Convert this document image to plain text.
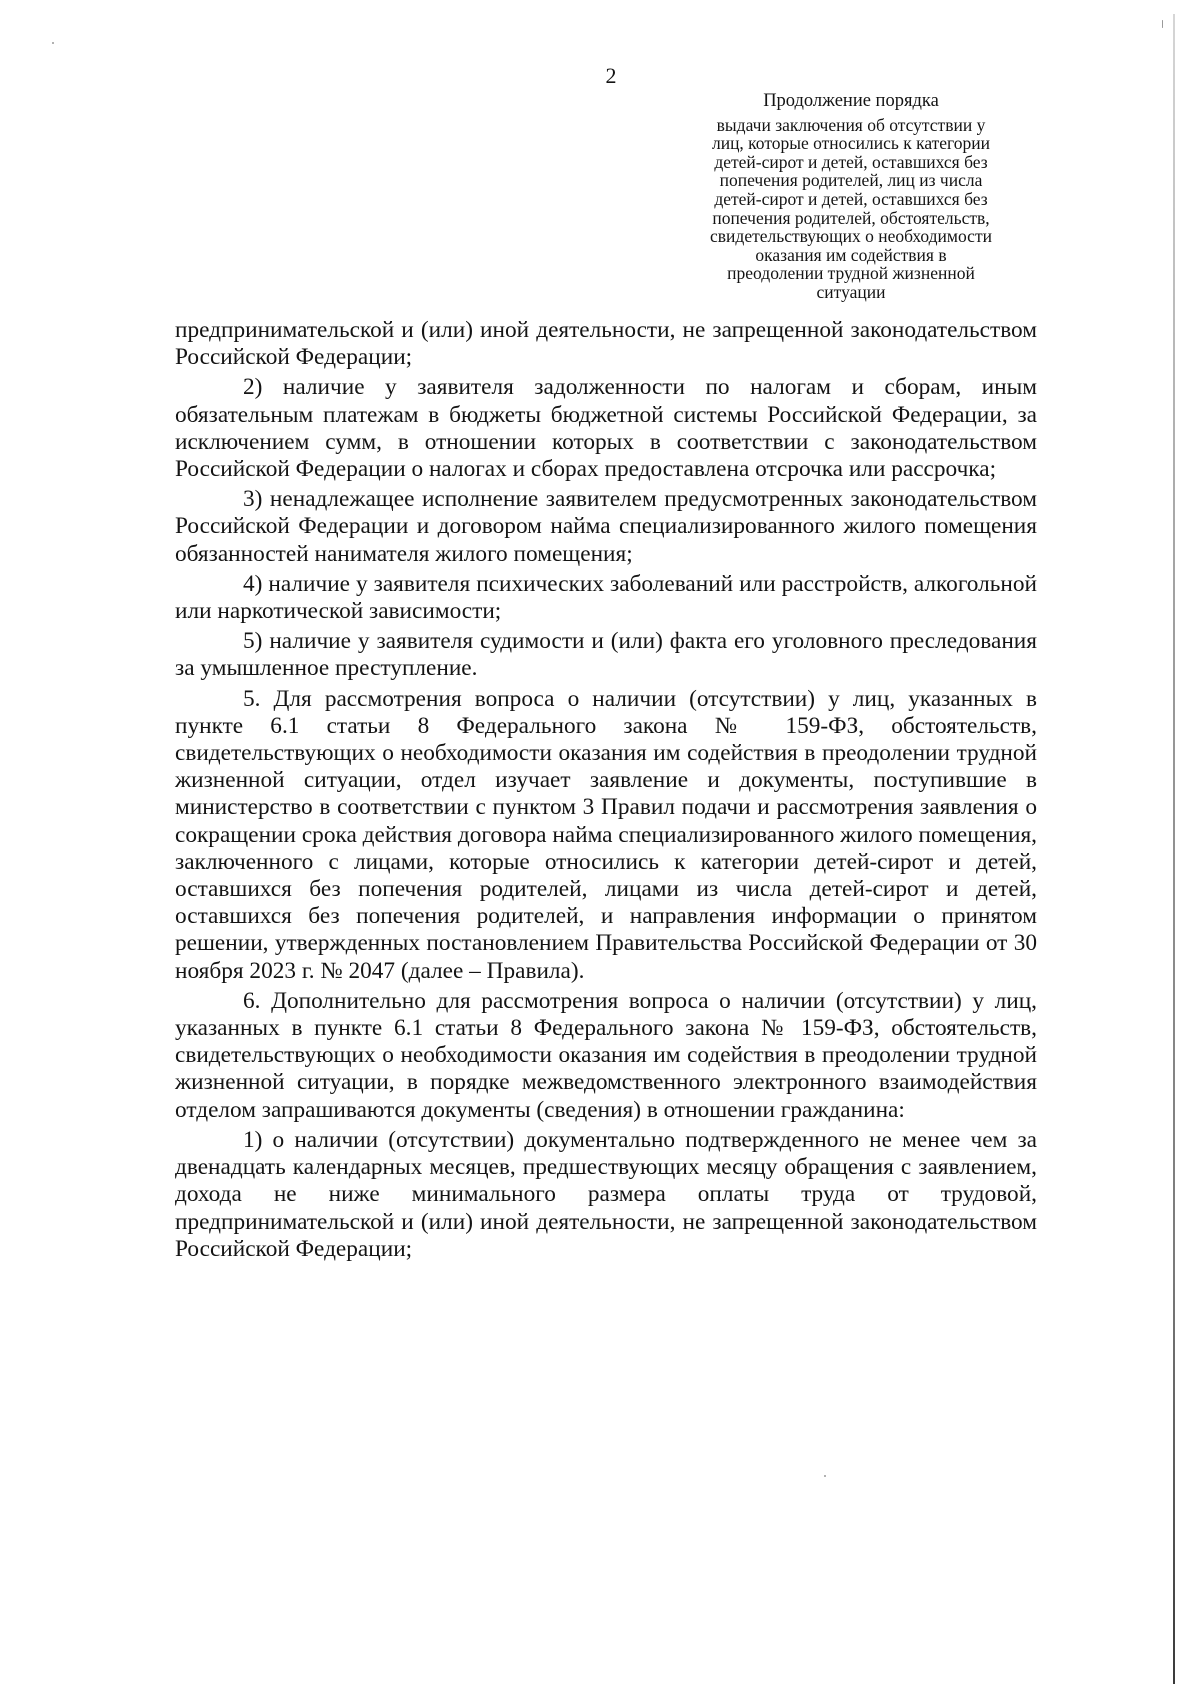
2
Продолжение порядка
выдачи заключения об отсутствии у
лиц, которые относились к категории
детей-сирот и детей, оставшихся без
попечения родителей, лиц из числа
детей-сирот и детей, оставшихся без
попечения родителей, обстоятельств,
свидетельствующих о необходимости
оказания им содействия в
преодолении трудной жизненной
ситуации

предпринимательской и (или) иной деятельности, не запрещенной законодательством Российской Федерации;

2) наличие у заявителя задолженности по налогам и сборам, иным обязательным платежам в бюджеты бюджетной системы Российской Федерации, за исключением сумм, в отношении которых в соответствии с законодательством Российской Федерации о налогах и сборах предоставлена отсрочка или рассрочка;

3) ненадлежащее исполнение заявителем предусмотренных законодательством Российской Федерации и договором найма специализированного жилого помещения обязанностей нанимателя жилого помещения;

4) наличие у заявителя психических заболеваний или расстройств, алкогольной или наркотической зависимости;

5) наличие у заявителя судимости и (или) факта его уголовного преследования за умышленное преступление.

5. Для рассмотрения вопроса о наличии (отсутствии) у лиц, указанных в пункте 6.1 статьи 8 Федерального закона № 159-ФЗ, обстоятельств, свидетельствующих о необходимости оказания им содействия в преодолении трудной жизненной ситуации, отдел изучает заявление и документы, поступившие в министерство в соответствии с пунктом 3 Правил подачи и рассмотрения заявления о сокращении срока действия договора найма специализированного жилого помещения, заключенного с лицами, которые относились к категории детей-сирот и детей, оставшихся без попечения родителей, лицами из числа детей-сирот и детей, оставшихся без попечения родителей, и направления информации о принятом решении, утвержденных постановлением Правительства Российской Федерации от 30 ноября 2023 г. № 2047 (далее – Правила).

6. Дополнительно для рассмотрения вопроса о наличии (отсутствии) у лиц, указанных в пункте 6.1 статьи 8 Федерального закона № 159-ФЗ, обстоятельств, свидетельствующих о необходимости оказания им содействия в преодолении трудной жизненной ситуации, в порядке межведомственного электронного взаимодействия отделом запрашиваются документы (сведения) в отношении гражданина:

1) о наличии (отсутствии) документально подтвержденного не менее чем за двенадцать календарных месяцев, предшествующих месяцу обращения с заявлением, дохода не ниже минимального размера оплаты труда от трудовой, предпринимательской и (или) иной деятельности, не запрещенной законодательством Российской Федерации;
